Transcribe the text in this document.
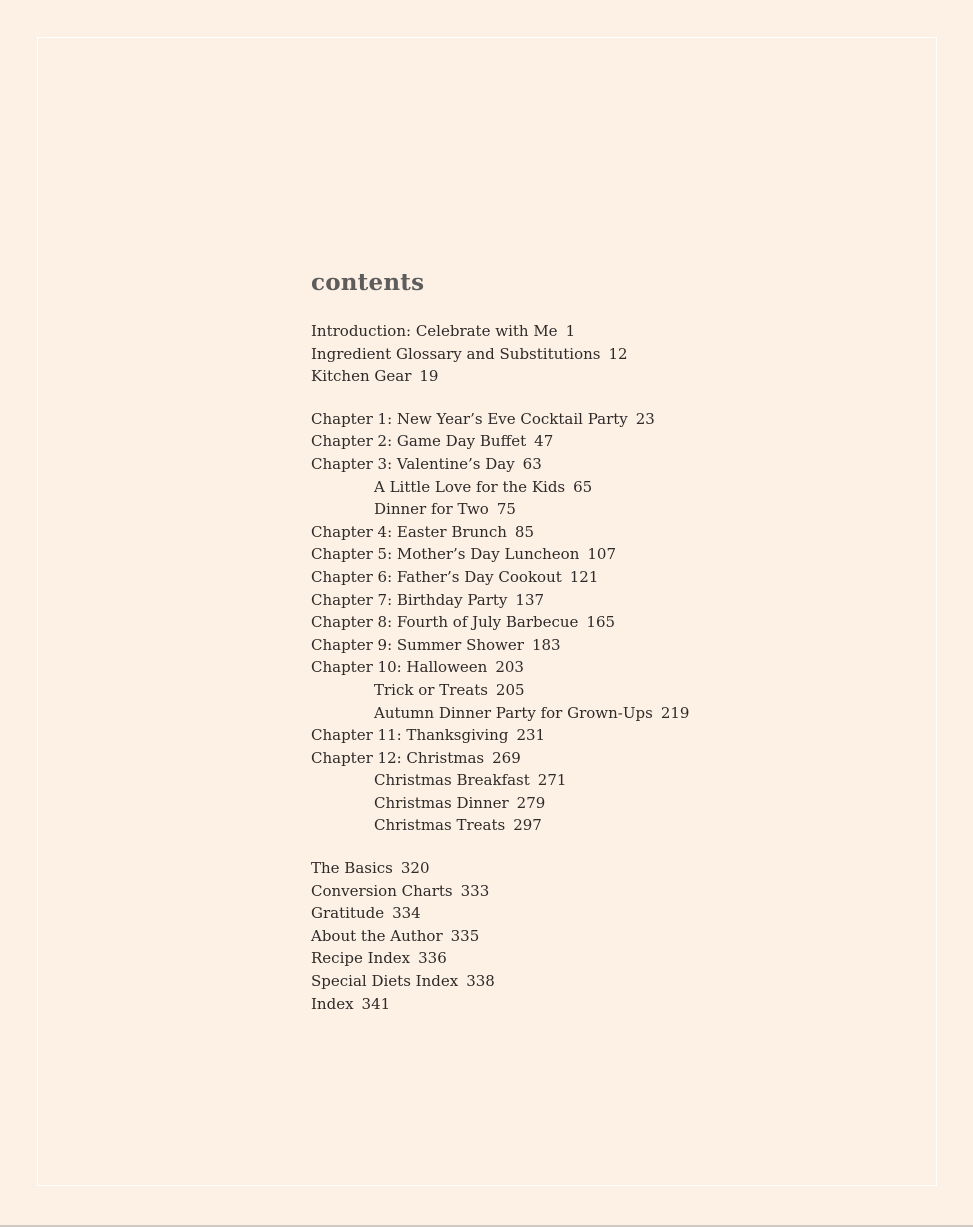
contents
Introduction: Celebrate with Me 1
Ingredient Glossary and Substitutions 12
Kitchen Gear 19
Chapter 1: New Year’s Eve Cocktail Party 23
Chapter 2: Game Day Buffet 47
Chapter 3: Valentine’s Day 63
A Little Love for the Kids 65
Dinner for Two 75
Chapter 4: Easter Brunch 85
Chapter 5: Mother’s Day Luncheon 107
Chapter 6: Father’s Day Cookout 121
Chapter 7: Birthday Party 137
Chapter 8: Fourth of July Barbecue 165
Chapter 9: Summer Shower 183
Chapter 10: Halloween 203
Trick or Treats 205
Autumn Dinner Party for Grown-Ups 219
Chapter 11: Thanksgiving 231
Chapter 12: Christmas 269
Christmas Breakfast 271
Christmas Dinner 279
Christmas Treats 297
The Basics 320
Conversion Charts 333
Gratitude 334
About the Author 335
Recipe Index 336
Special Diets Index 338
Index 341
